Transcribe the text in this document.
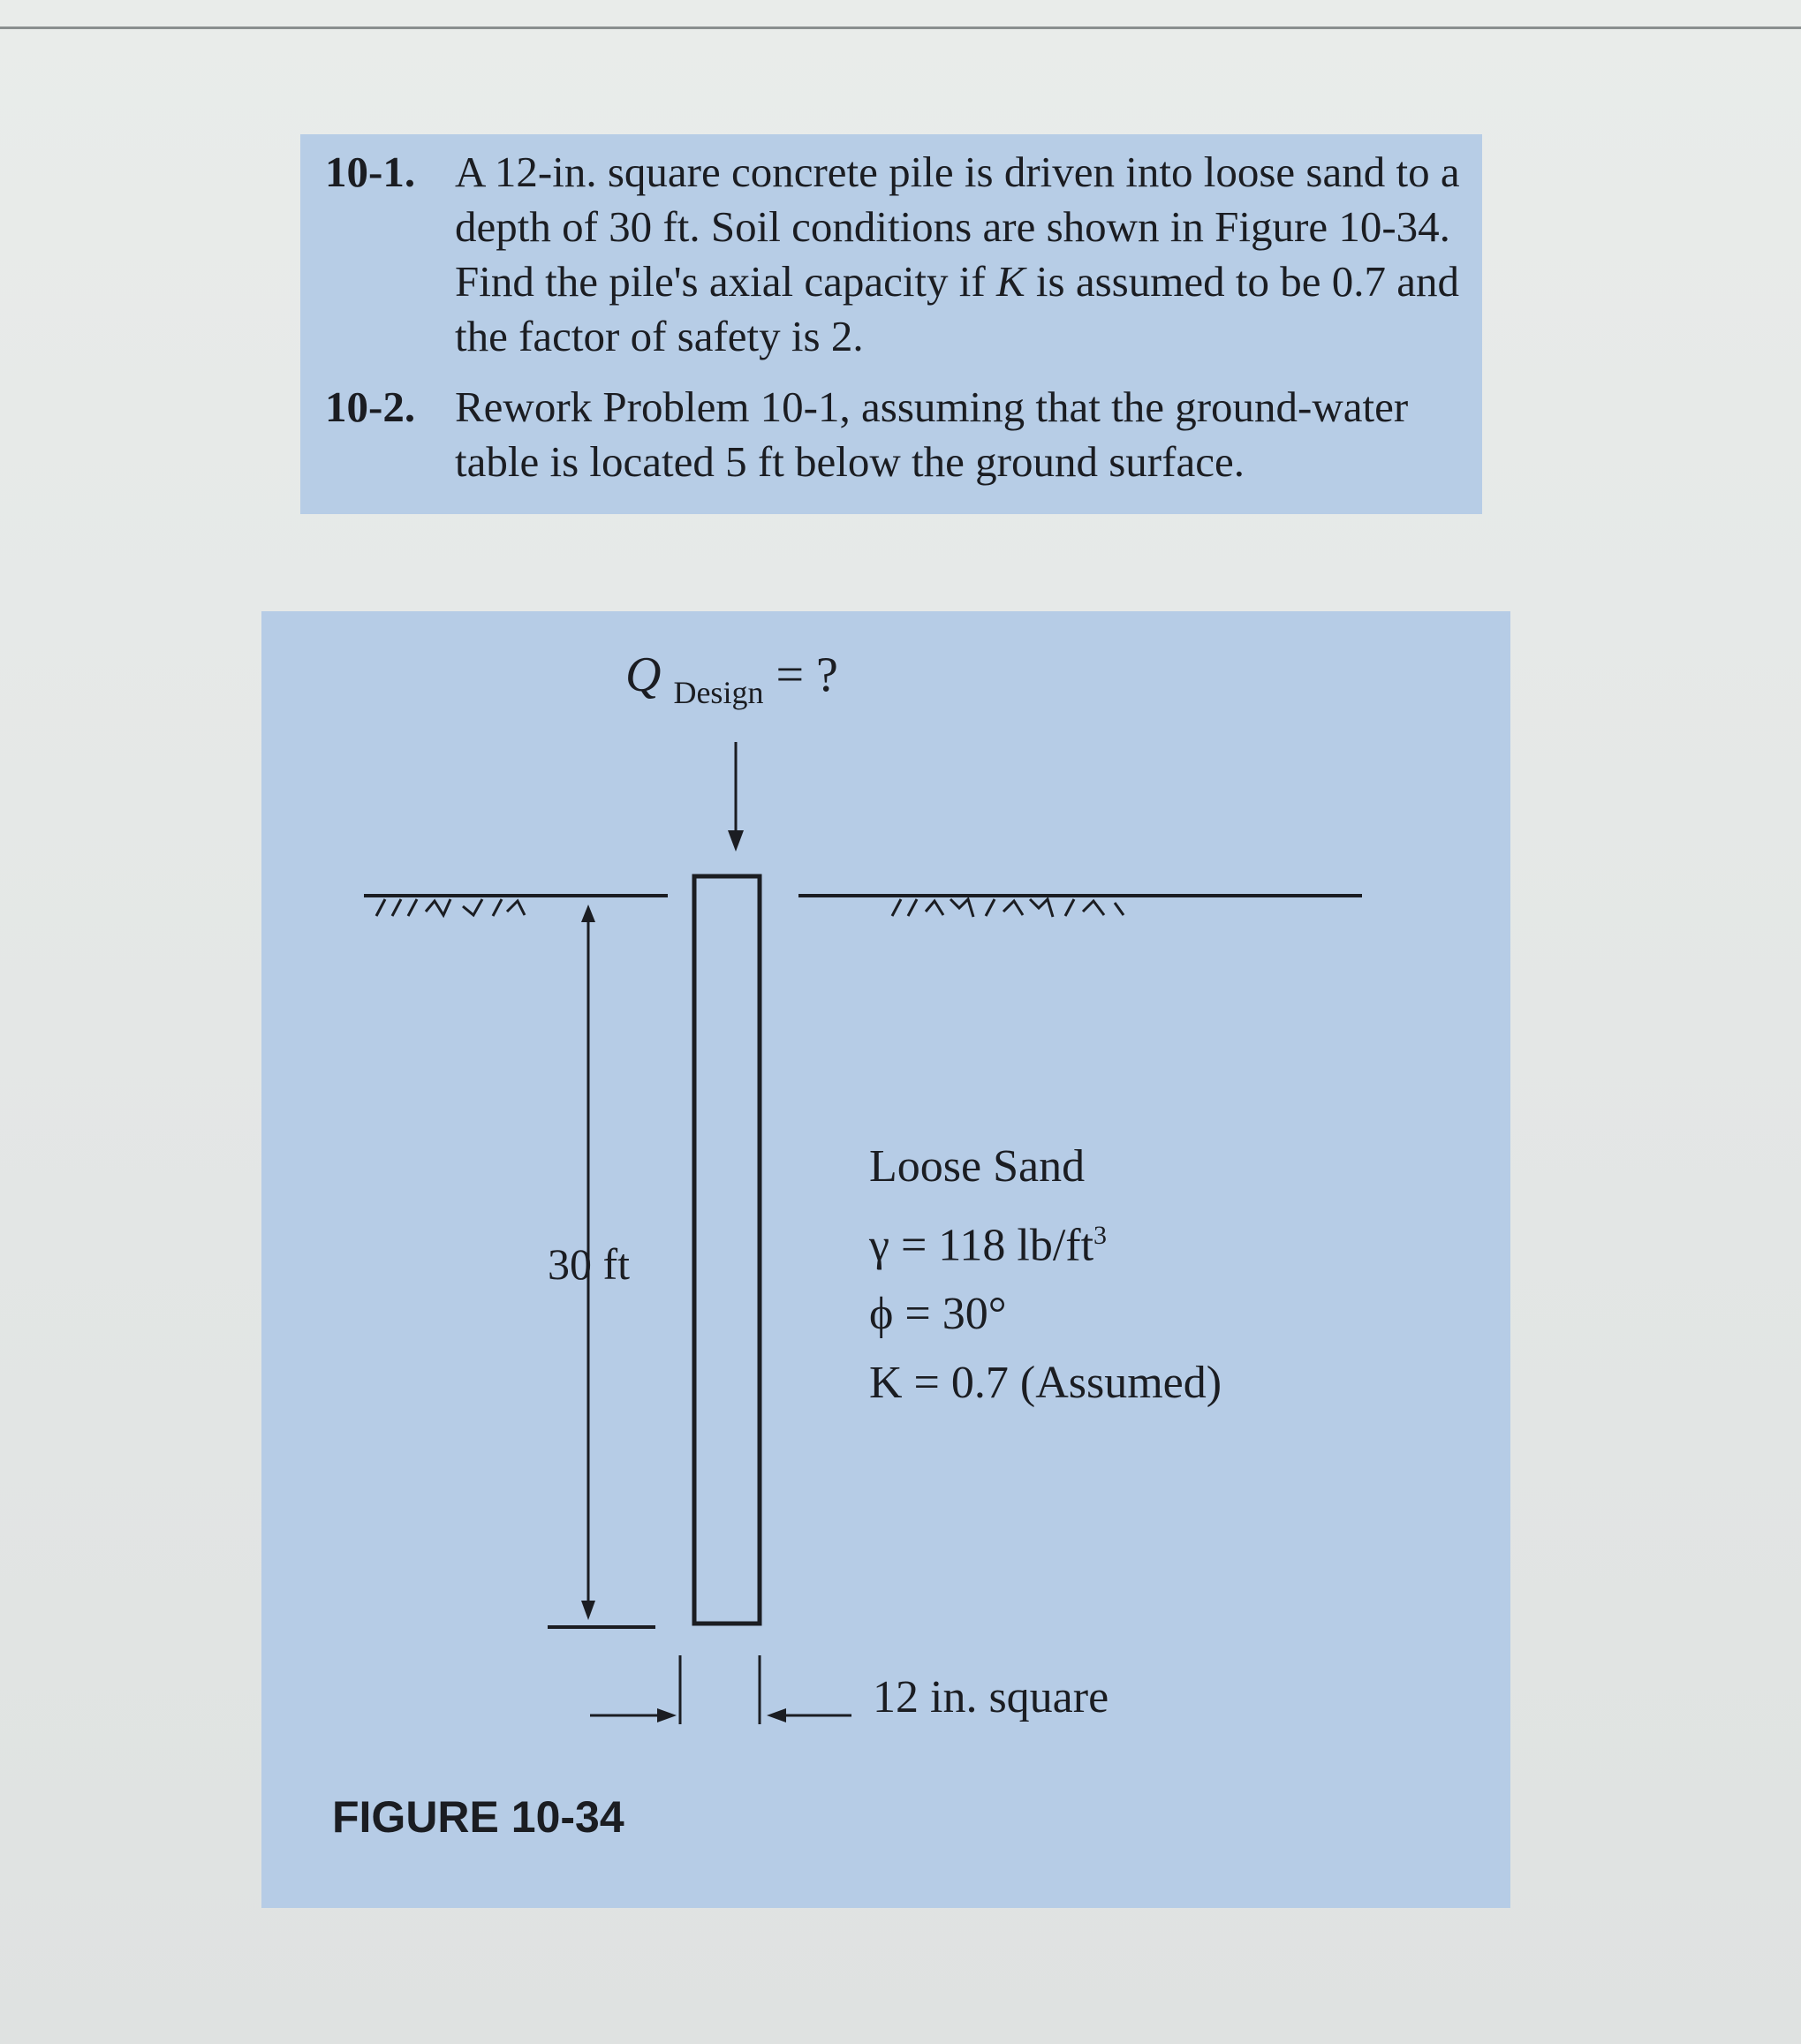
10-1. A 12-in. square concrete pile is driven into loose sand to a depth of 30 ft. Soil conditions are shown in Figure 10-34. Find the pile's axial capacity if K is assumed to be 0.7 and the factor of safety is 2.
10-2. Rework Problem 10-1, assuming that the ground-water table is located 5 ft below the ground surface.
Q $_{Design}$ = ?
30 ft
Loose Sand
γ = 118 $lb/ft^3$
ϕ = 30°
K = 0.7 (Assumed)
12 in. square
FIGURE 10-34
